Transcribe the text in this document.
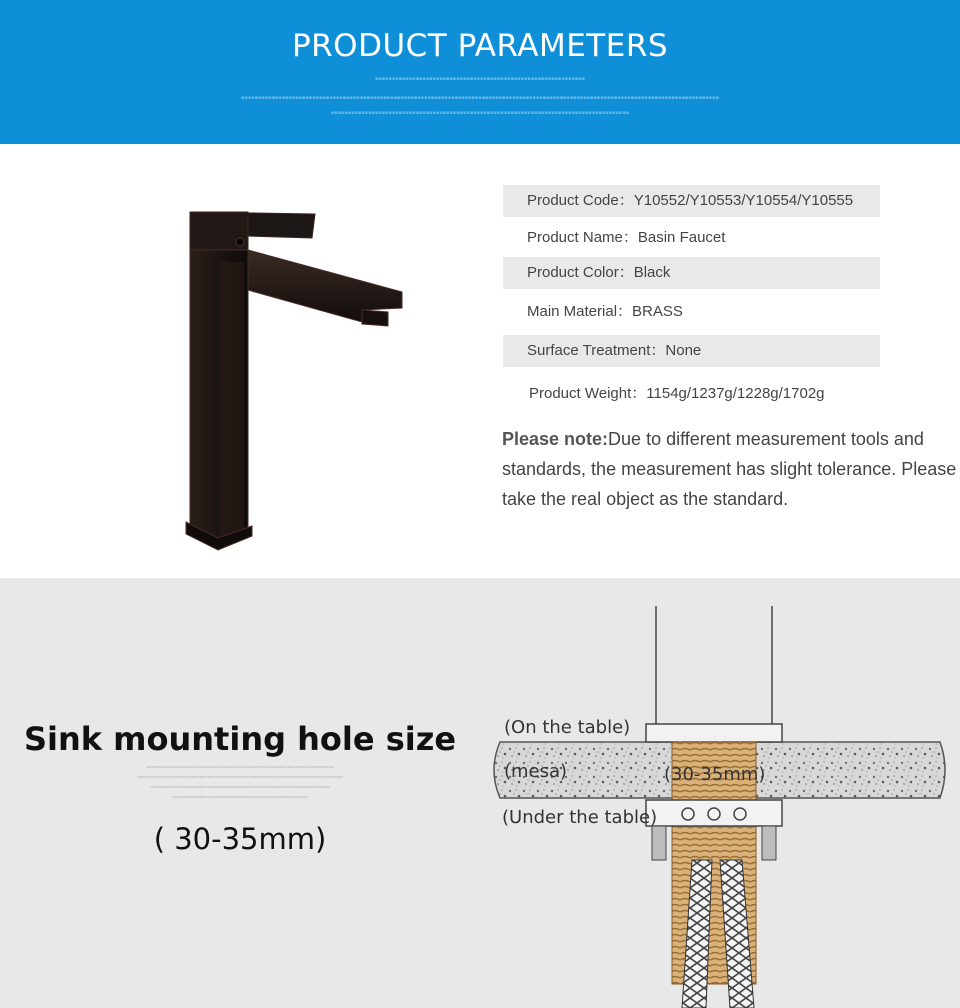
PRODUCT PARAMETERS
▪▪▪▪▪▪▪▪▪▪▪▪▪▪▪▪▪▪▪▪▪▪▪▪▪▪▪▪▪▪▪▪▪▪▪▪▪▪▪▪▪▪▪▪▪▪▪▪▪▪▪▪▪▪▪▪▪▪▪▪▪▪
▪▪▪▪▪▪▪▪▪▪▪▪▪▪▪▪▪▪▪▪▪▪▪▪▪▪▪▪▪▪▪▪▪▪▪▪▪▪▪▪▪▪▪▪▪▪▪▪▪▪▪▪▪▪▪▪▪▪▪▪▪▪▪▪▪▪▪▪▪▪▪▪▪▪▪▪▪▪▪▪▪▪▪▪▪▪▪▪▪▪▪▪▪▪▪▪▪▪▪▪▪▪▪▪▪▪▪▪▪▪▪▪▪▪▪▪▪▪▪▪▪▪▪▪▪▪▪▪▪▪▪▪▪▪▪▪▪▪▪▪▪
▪▪▪▪▪▪▪▪▪▪▪▪▪▪▪▪▪▪▪▪▪▪▪▪▪▪▪▪▪▪▪▪▪▪▪▪▪▪▪▪▪▪▪▪▪▪▪▪▪▪▪▪▪▪▪▪▪▪▪▪▪▪▪▪▪▪▪▪▪▪▪▪▪▪▪▪▪▪▪▪▪▪▪▪▪▪▪▪
Product Code：Y10552/Y10553/Y10554/Y10555
Product Name：Basin Faucet
Product Color：Black
Main Material：BRASS
Surface Treatment：None
Product Weight：1154g/1237g/1228g/1702g
Please note:Due to different measurement tools and standards, the measurement has slight tolerance. Please take the real object as the standard.
Sink mounting hole size
▪▪▪▪▪▪▪▪▪▪▪▪▪▪▪▪▪▪▪▪▪▪▪▪▪▪▪▪▪▪▪▪▪▪▪▪▪▪▪▪▪▪▪▪▪▪▪▪▪▪▪▪▪▪▪▪▪▪▪▪▪▪▪▪▪▪▪▪▪
▪▪▪▪▪▪▪▪▪▪▪▪▪▪▪▪▪▪▪▪▪▪▪▪▪▪▪▪▪▪▪▪▪▪▪▪▪▪▪▪▪▪▪▪▪▪▪▪▪▪▪▪▪▪▪▪▪▪▪▪▪▪▪▪▪▪▪▪▪▪▪▪▪▪▪▪
▪▪▪▪▪▪▪▪▪▪▪▪▪▪▪▪▪▪▪▪▪▪▪▪▪▪▪▪▪▪▪▪▪▪▪▪▪▪▪▪▪▪▪▪▪▪▪▪▪▪▪▪▪▪▪▪▪▪▪▪▪▪▪▪▪▪
▪▪▪▪▪▪▪▪▪▪▪▪▪▪▪▪▪▪▪▪▪▪▪▪▪▪▪▪▪▪▪▪▪▪▪▪▪▪▪▪▪▪▪▪▪▪▪▪▪▪
( 30-35mm)
(On the table)
(mesa)	(30-35mm)
(Under the table)
